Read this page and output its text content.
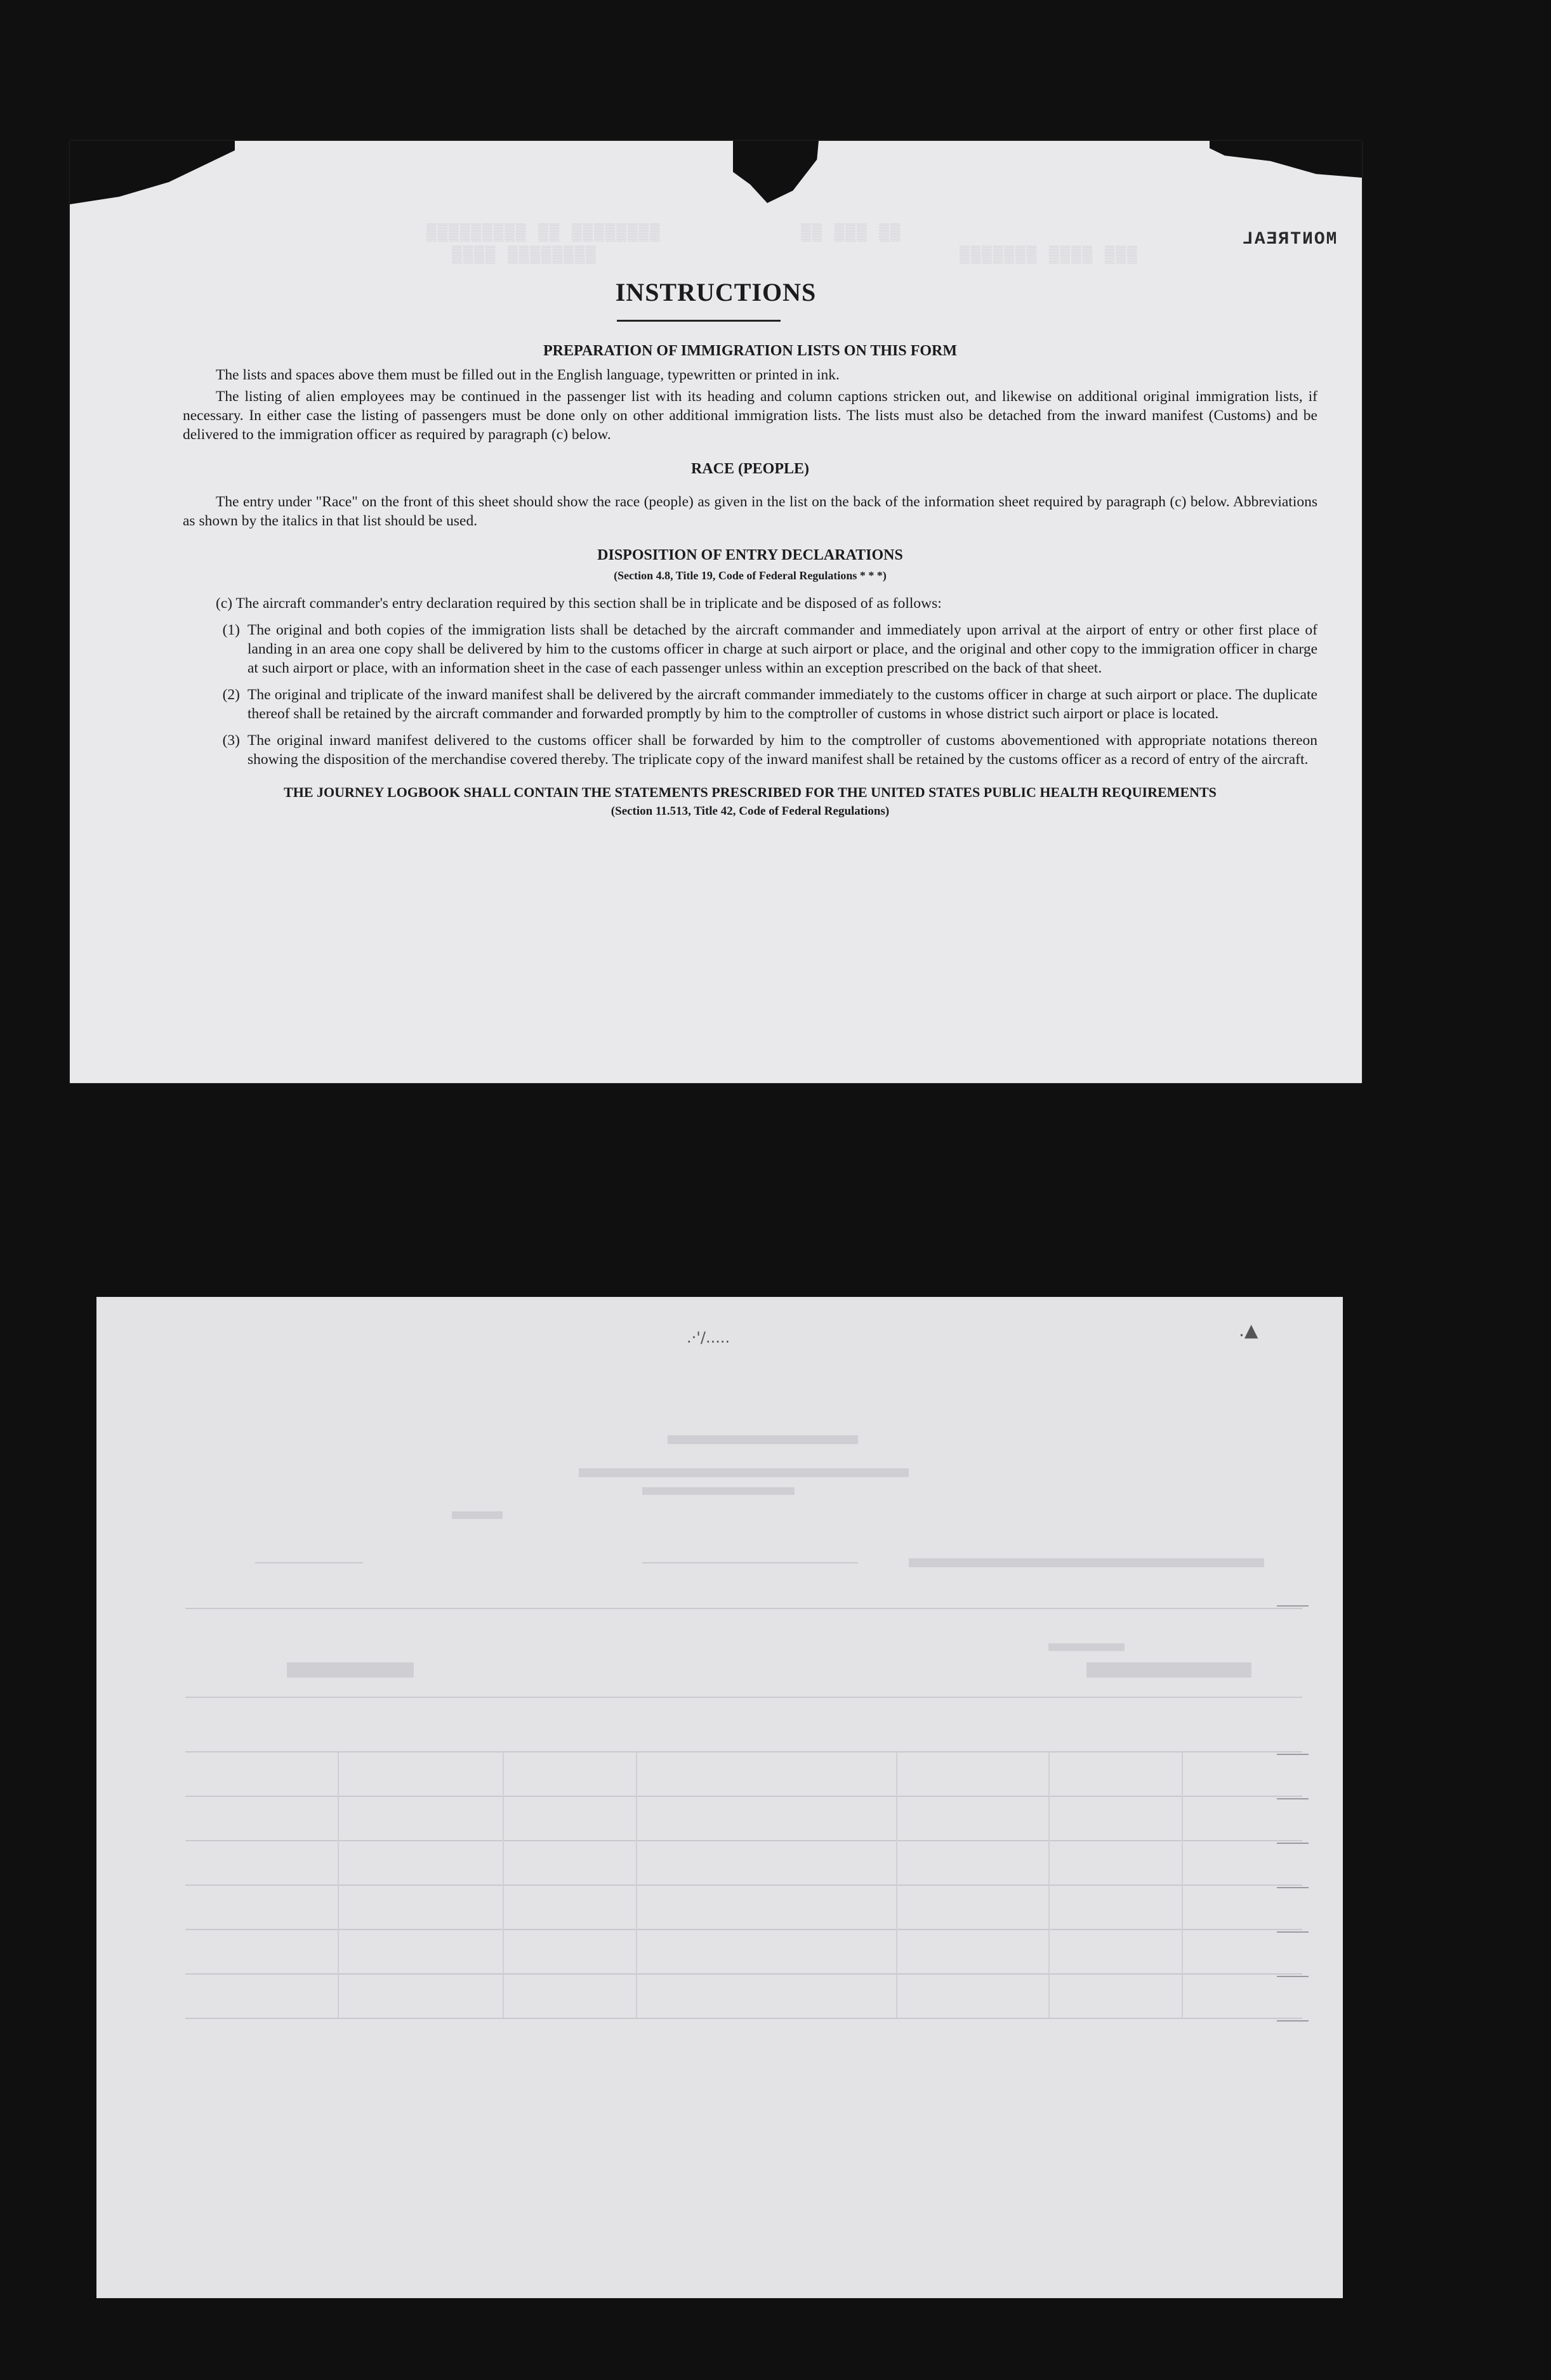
▒▒▒▒▒▒▒▒ ▒▒ ▒▒▒▒▒▒▒▒▒
▒▒▒▒▒▒▒▒ ▒▒▒▒
▒▒ ▒▒▒ ▒▒
▒▒▒ ▒▒▒▒ ▒▒▒▒▒▒▒
MONTREAL
INSTRUCTIONS
PREPARATION OF IMMIGRATION LISTS ON THIS FORM
The lists and spaces above them must be filled out in the English language, typewritten or printed in ink.
The listing of alien employees may be continued in the passenger list with its heading and column captions stricken out, and likewise on additional original immigration lists, if necessary. In either case the listing of passengers must be done only on other additional immigration lists. The lists must also be detached from the inward manifest (Customs) and be delivered to the immigration officer as required by paragraph (c) below.
RACE (PEOPLE)
The entry under "Race" on the front of this sheet should show the race (people) as given in the list on the back of the information sheet required by paragraph (c) below. Abbreviations as shown by the italics in that list should be used.
DISPOSITION OF ENTRY DECLARATIONS
(Section 4.8, Title 19, Code of Federal Regulations * * *)
(c) The aircraft commander's entry declaration required by this section shall be in triplicate and be disposed of as follows:
(1) The original and both copies of the immigration lists shall be detached by the aircraft commander and immediately upon arrival at the airport of entry or other first place of landing in an area one copy shall be delivered by him to the customs officer in charge at such airport or place, and the original and other copy to the immigration officer in charge at such airport or place, with an information sheet in the case of each passenger unless within an exception prescribed on the back of that sheet.
(2) The original and triplicate of the inward manifest shall be delivered by the aircraft commander immediately to the customs officer in charge at such airport or place. The duplicate thereof shall be retained by the aircraft commander and forwarded promptly by him to the comptroller of customs in whose district such airport or place is located.
(3) The original inward manifest delivered to the customs officer shall be forwarded by him to the comptroller of customs abovementioned with appropriate notations thereon showing the disposition of the merchandise covered thereby. The triplicate copy of the inward manifest shall be retained by the customs officer as a record of entry of the aircraft.
THE JOURNEY LOGBOOK SHALL CONTAIN THE STATEMENTS PRESCRIBED FOR THE UNITED STATES PUBLIC HEALTH REQUIREMENTS
(Section 11.513, Title 42, Code of Federal Regulations)
.▲
.·'/.....
